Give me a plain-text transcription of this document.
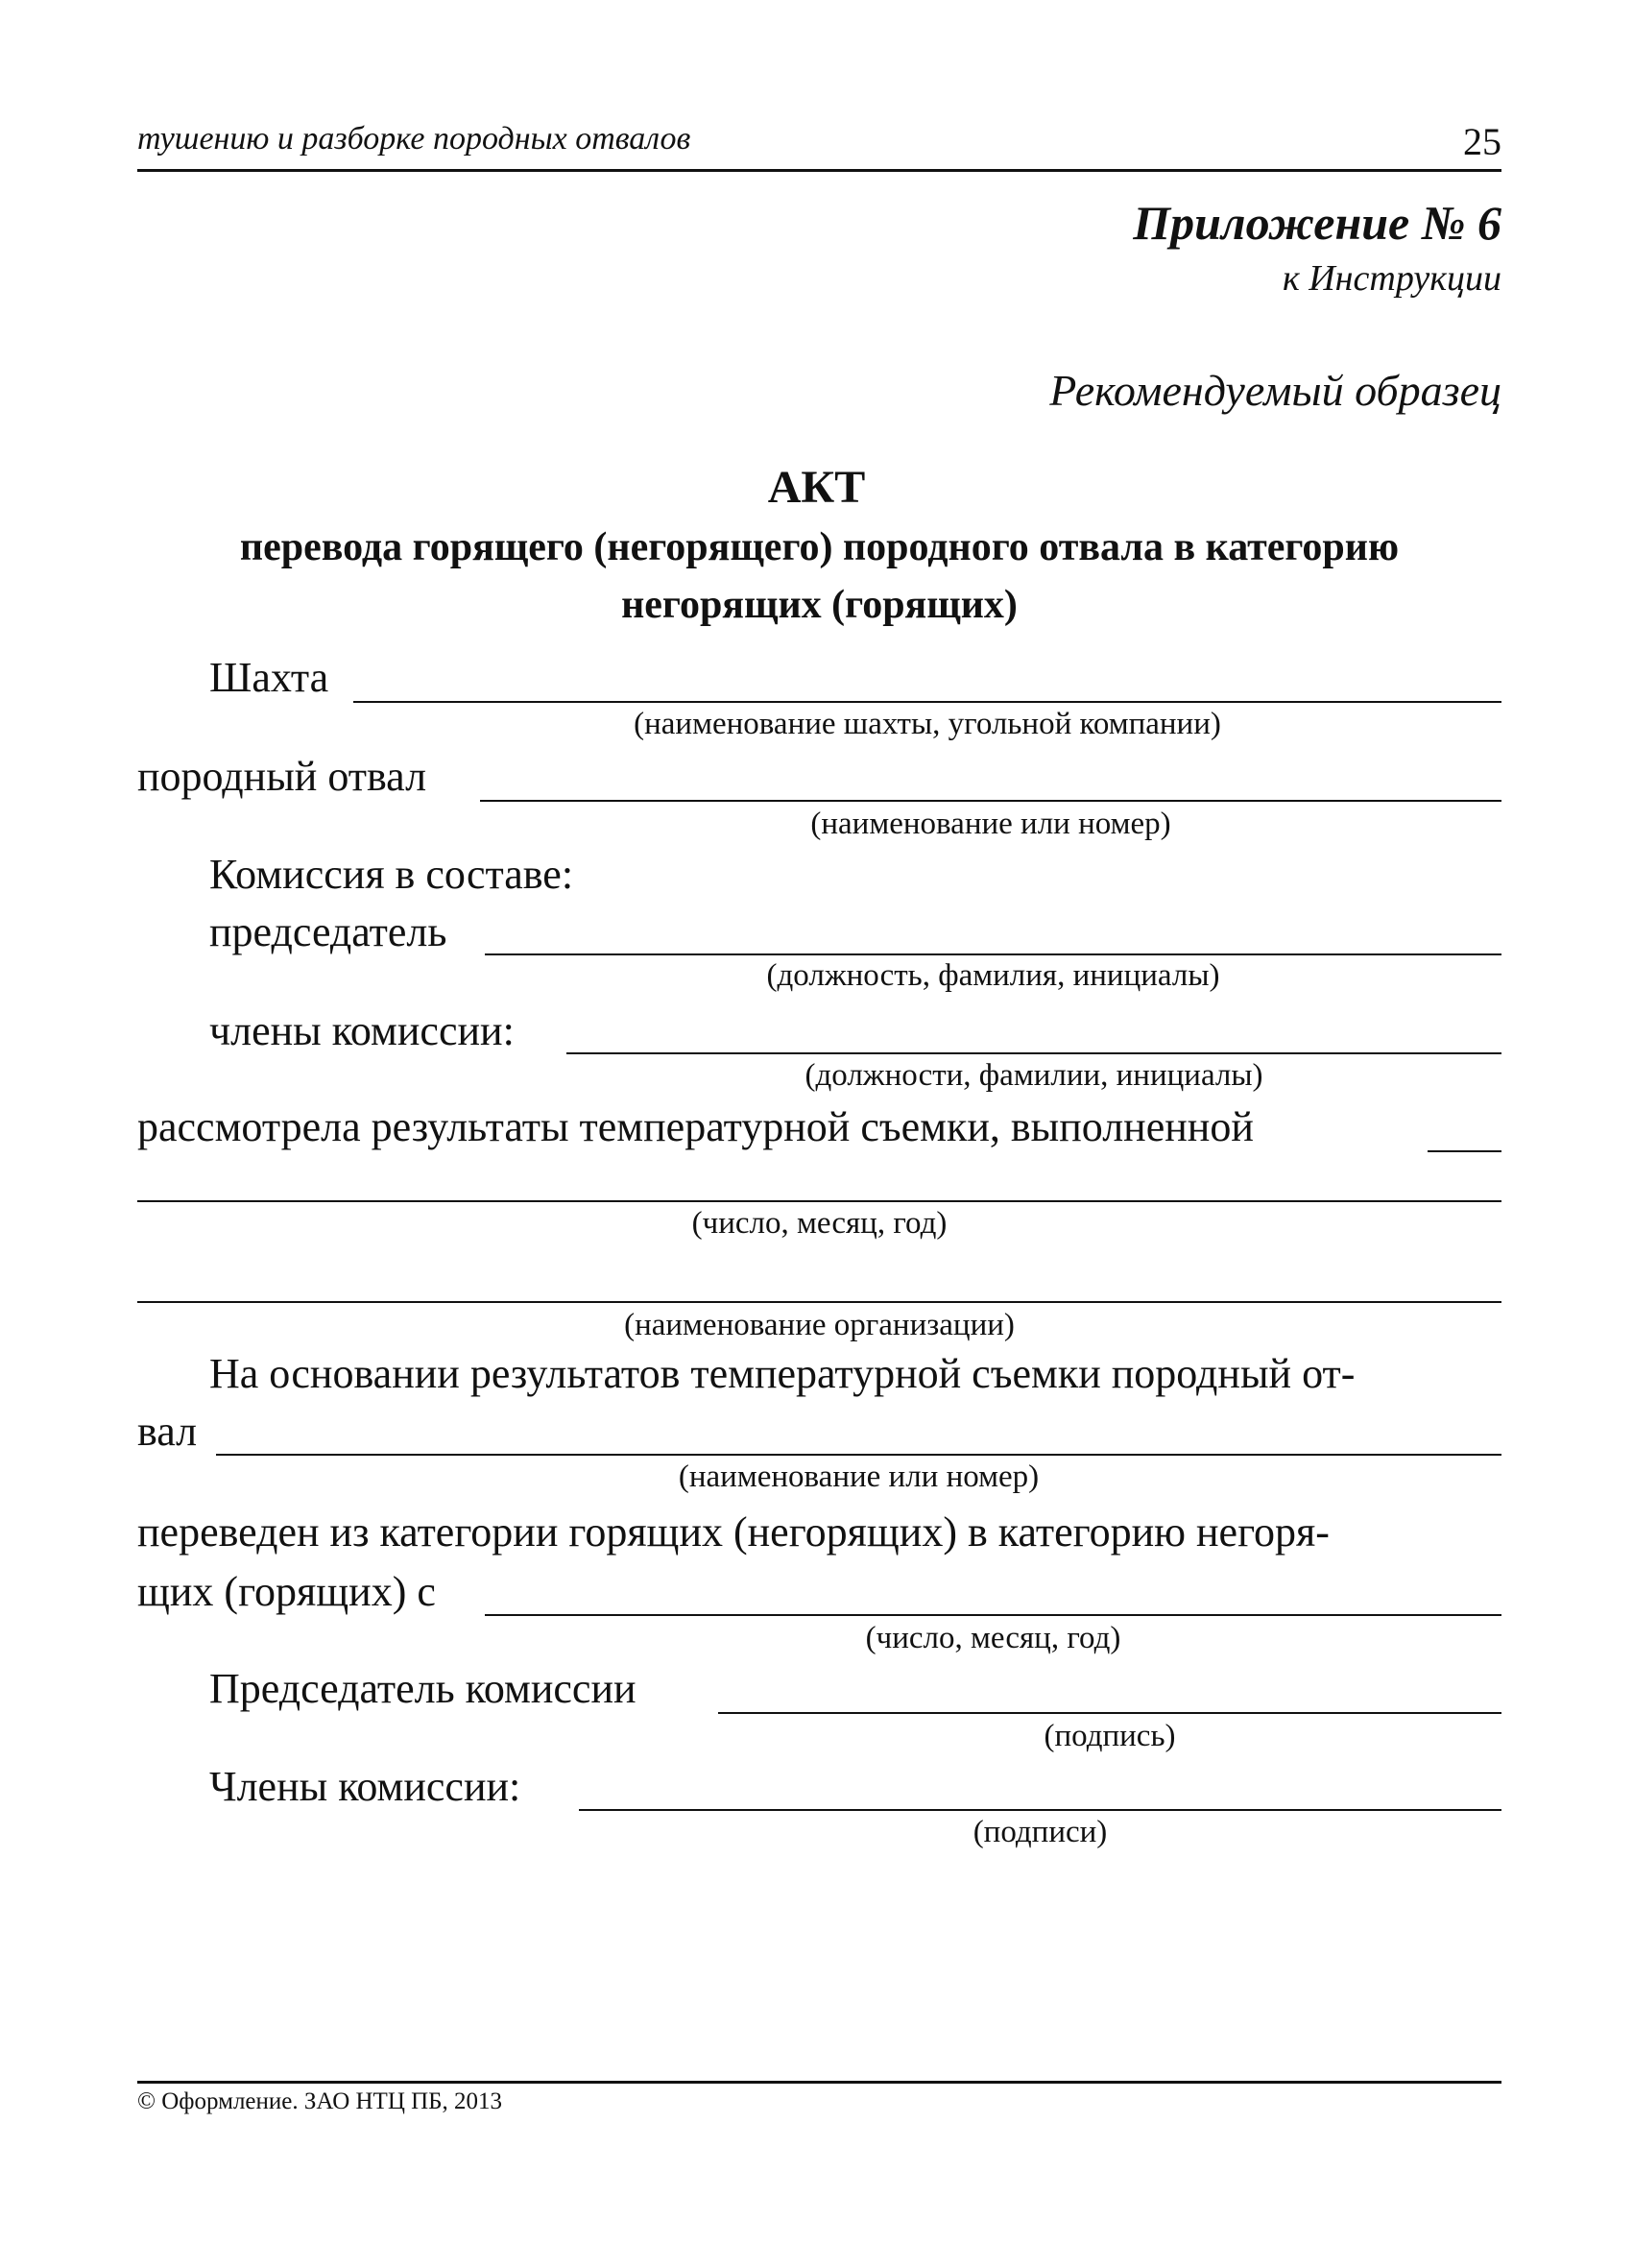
тушению и разборке породных отвалов	25
Приложение № 6
к Инструкции
Рекомендуемый образец
АКТ
перевода горящего (негорящего) породного отвала в категорию негорящих (горящих)
Шахта
(наименование шахты, угольной компании)
породный отвал
(наименование или номер)
Комиссия в составе:
председатель
(должность, фамилия, инициалы)
члены комиссии:
(должности, фамилии, инициалы)
рассмотрела результаты температурной съемки, выполненной
(число, месяц, год)
(наименование организации)
На основании результатов температурной съемки породный от-
вал
(наименование или номер)
переведен из категории горящих (негорящих) в категорию негоря-
щих (горящих) с
(число, месяц, год)
Председатель комиссии
(подпись)
Члены комиссии:
(подписи)
© Оформление. ЗАО НТЦ ПБ, 2013
